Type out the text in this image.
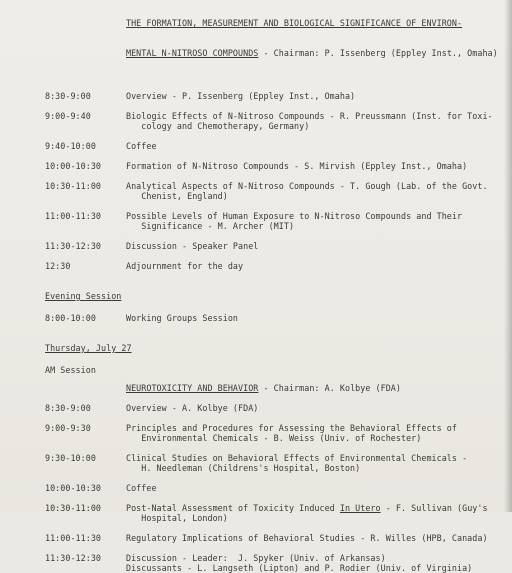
THE FORMATION, MEASUREMENT AND BIOLOGICAL SIGNIFICANCE OF ENVIRON-

MENTAL N-NITROSO COMPOUNDS - Chairman: P. Issenberg (Eppley Inst., Omaha)

8:30-9:00	Overview - P. Issenberg (Eppley Inst., Omaha)
9:00-9:40	Biologic Effects of N-Nitroso Compounds - R. Preussmann (Inst. for Toxi-
cology and Chemotherapy, Germany)
9:40-10:00	Coffee
10:00-10:30	Formation of N-Nitroso Compounds - S. Mirvish (Eppley Inst., Omaha)
10:30-11:00	Analytical Aspects of N-Nitroso Compounds - T. Gough (Lab. of the Govt.
Chenist, England)
11:00-11:30	Possible Levels of Human Exposure to N-Nitroso Compounds and Their
Significance - M. Archer (MIT)
11:30-12:30	Discussion - Speaker Panel
12:30	Adjournment for the day
Evening Session
8:00-10:00	Working Groups Session
Thursday, July 27
AM Session
NEUROTOXICITY AND BEHAVIOR - Chairman: A. Kolbye (FDA)
8:30-9:00	Overview - A. Kolbye (FDA)
9:00-9:30	Principles and Procedures for Assessing the Behavioral Effects of
Environmental Chemicals - B. Weiss (Univ. of Rochester)
9:30-10:00	Clinical Studies on Behavioral Effects of Environmental Chemicals -
H. Needleman (Childrens's Hospital, Boston)
10:00-10:30	Coffee
10:30-11:00	Post-Natal Assessment of Toxicity Induced In Utero - F. Sullivan (Guy's
Hospital, London)
11:00-11:30	Regulatory Implications of Behavioral Studies - R. Willes (HPB, Canada)
11:30-12:30	Discussion - Leader:  J. Spyker (Univ. of Arkansas)
Discussants - L. Langseth (Lipton) and P. Rodier (Univ. of Virginia)
